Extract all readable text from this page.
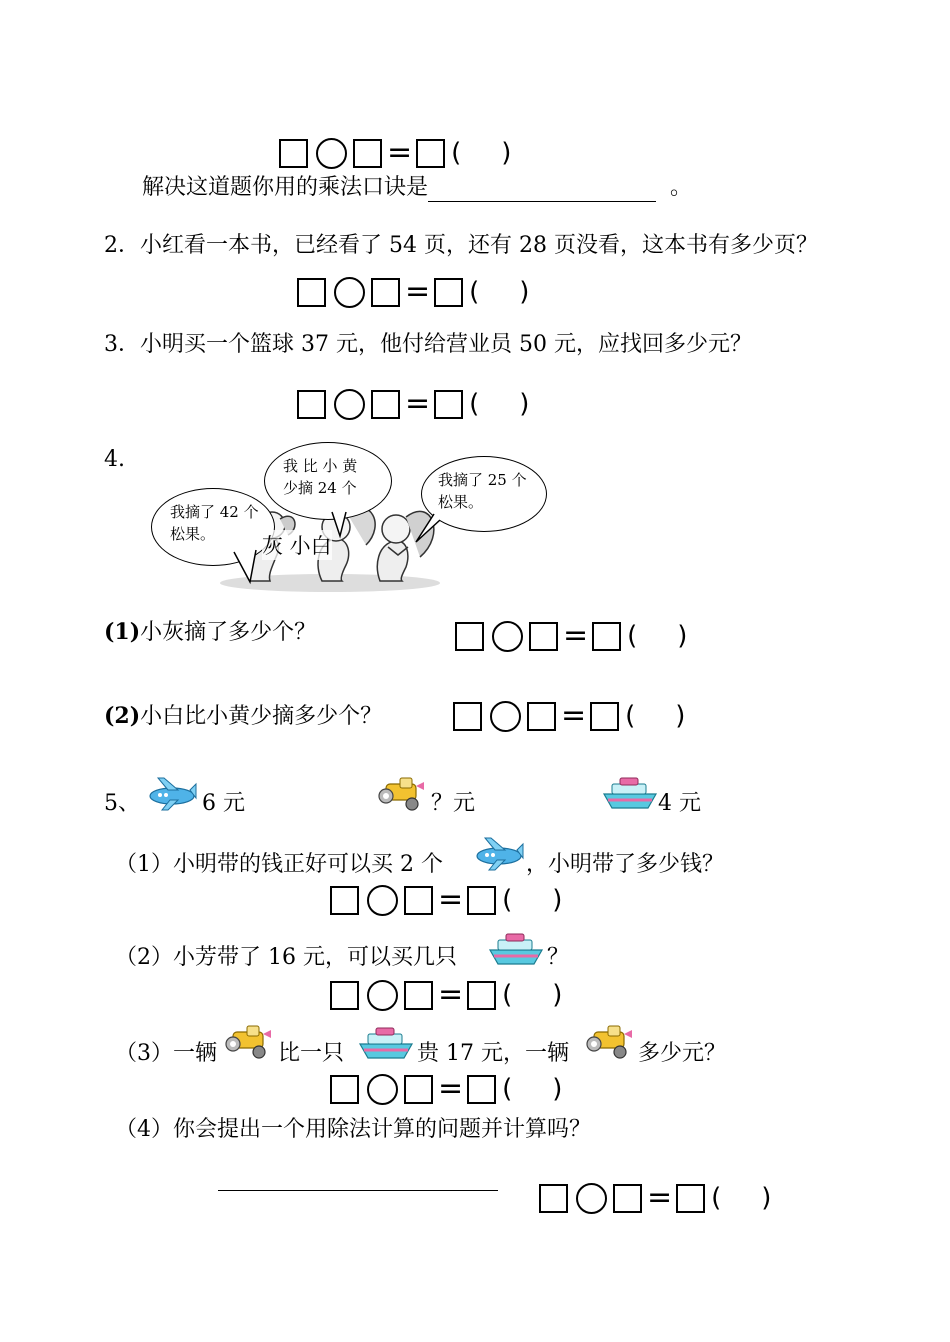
= ( )
解决这道题你用的乘法口诀是	。
2．小红看一本书，已经看了 54 页，还有 28 页没看，这本书有多少页？
= ( )
3．小明买一个篮球 37 元，他付给营业员 50 元，应找回多少元？
= ( )
4.
我摘了 42 个松果。
我 比 小 黄 少摘 24 个	我摘了 25 个松果。
灰 小白
(1)小灰摘了多少个？	= ( )
(2)小白比小黄少摘多少个？	= ( )
5、	6 元	？元	4 元
（1）小明带的钱正好可以买 2 个	，小明带了多少钱？
= ( )
（2）小芳带了 16 元，可以买几只	？
= ( )
（3）一辆	比一只	贵 17 元，一辆	多少元？
= ( )
（4）你会提出一个用除法计算的问题并计算吗？
= ( )
